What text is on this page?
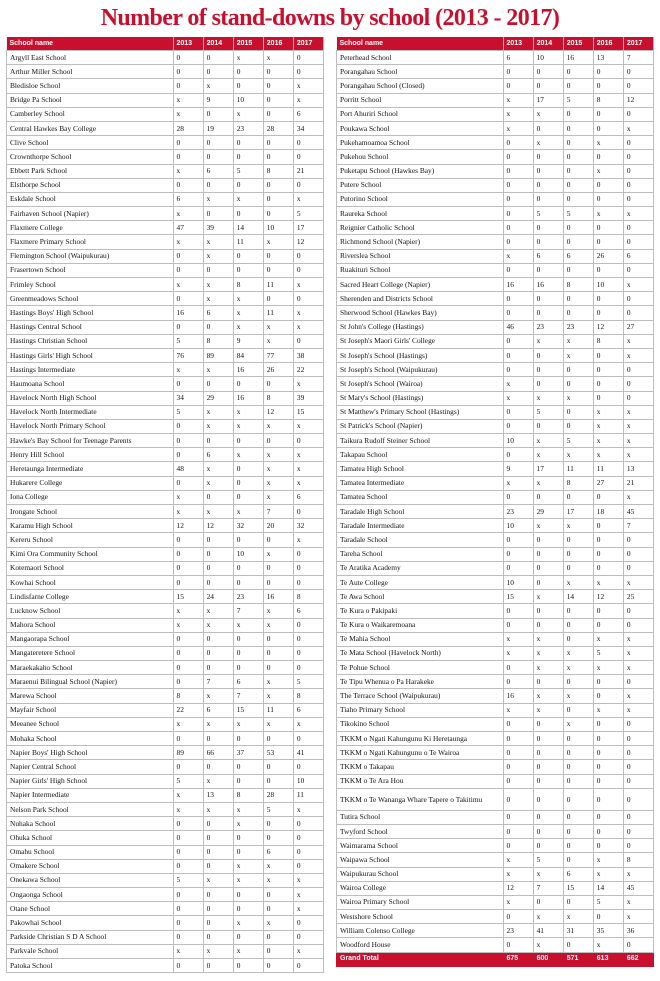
Number of stand-downs by school (2013 - 2017)
School name	2013	2014	2015	2016	2017
Argyll East School	0	0	x	x	0
Arthur Miller School	0	0	0	0	0
Bledisloe School	0	x	0	0	x
Bridge Pa School	x	9	10	0	x
Camberley School	x	0	x	0	6
Central Hawkes Bay College	28	19	23	28	34
Clive School	0	0	0	0	0
Crownthorpe School	0	0	0	0	0
Ebbett Park School	x	6	5	8	21
Elsthorpe School	0	0	0	0	0
Eskdale School	6	x	x	0	x
Fairhaven School (Napier)	x	0	0	0	5
Flaxmere College	47	39	14	10	17
Flaxmere Primary School	x	x	11	x	12
Flemington School (Waipukurau)	0	x	0	0	0
Frasertown School	0	0	0	0	0
Frimley School	x	x	8	11	x
Greenmeadows School	0	x	x	0	0
Hastings Boys' High School	16	6	x	11	x
Hastings Central School	0	0	x	x	x
Hastings Christian School	5	8	9	x	0
Hastings Girls' High School	76	89	84	77	38
Hastings Intermediate	x	x	16	26	22
Haumoana School	0	0	0	0	x
Havelock North High School	34	29	16	8	39
Havelock North Intermediate	5	x	x	12	15
Havelock North Primary School	0	x	x	x	x
Hawke's Bay School for Teenage Parents	0	0	0	0	0
Henry Hill School	0	6	x	x	x
Heretaunga Intermediate	48	x	0	x	x
Hukarere College	0	x	0	x	x
Iona College	x	0	0	x	6
Irongate School	x	x	x	7	0
Karamu High School	12	12	32	20	32
Kereru School	0	0	0	0	x
Kimi Ora Community School	0	0	10	x	0
Kotemaori School	0	0	0	0	0
Kowhai School	0	0	0	0	0
Lindisfarne College	15	24	23	16	8
Lucknow School	x	x	7	x	6
Mahora School	x	x	x	x	0
Mangaorapa School	0	0	0	0	0
Mangateretere School	0	0	0	0	0
Maraekakaho School	0	0	0	0	0
Maraenui Bilingual School (Napier)	0	7	6	x	5
Marewa School	8	x	7	x	8
Mayfair School	22	6	15	11	6
Meeanee School	x	x	x	x	x
Mohaka School	0	0	0	0	0
Napier Boys' High School	89	66	37	53	41
Napier Central School	0	0	0	0	0
Napier Girls' High School	5	x	0	0	10
Napier Intermediate	x	13	8	28	11
Nelson Park School	x	x	x	5	x
Nuhaka School	0	0	x	0	0
Ohuka School	0	0	0	0	0
Omahu School	0	0	0	6	0
Omakere School	0	0	x	x	0
Onekawa School	5	x	x	x	x
Ongaonga School	0	0	0	0	x
Otane School	0	0	0	0	x
Pakowhai School	0	0	x	x	0
Parkside Christian S D A School	0	0	0	0	0
Parkvale School	x	x	x	0	x
Patoka School	0	0	0	0	0
School name	2013	2014	2015	2016	2017
Peterhead School	6	10	16	13	7
Porangahau School	0	0	0	0	0
Porangahau School (Closed)	0	0	0	0	0
Porritt School	x	17	5	8	12
Port Ahuriri School	x	x	0	0	0
Poukawa School	x	0	0	0	x
Pukehamoamoa School	0	x	0	x	0
Pukehou School	0	0	0	0	0
Puketapu School (Hawkes Bay)	0	0	0	x	0
Putere School	0	0	0	0	0
Putorino School	0	0	0	0	0
Raureka School	0	5	5	x	x
Reignier Catholic School	0	0	0	0	0
Richmond School (Napier)	0	0	0	0	0
Riverslea School	x	6	6	26	6
Ruakituri School	0	0	0	0	0
Sacred Heart College (Napier)	16	16	8	10	x
Sherenden and Districts School	0	0	0	0	0
Sherwood School (Hawkes Bay)	0	0	0	0	0
St John's College (Hastings)	46	23	23	12	27
St Joseph's Maori Girls' College	0	x	x	8	x
St Joseph's School (Hastings)	0	0	x	0	x
St Joseph's School (Waipukurau)	0	0	0	0	0
St Joseph's School (Wairoa)	x	0	0	0	0
St Mary's School (Hastings)	x	x	x	0	0
St Matthew's Primary School (Hastings)	0	5	0	x	x
St Patrick's School (Napier)	0	0	0	x	x
Taikura Rudolf Steiner School	10	x	5	x	x
Takapau School	0	x	x	x	x
Tamatea High School	9	17	11	11	13
Tamatea Intermediate	x	x	8	27	21
Tamatea School	0	0	0	0	x
Taradale High School	23	29	17	18	45
Taradale Intermediate	10	x	x	0	7
Taradale School	0	0	0	0	0
Tareha School	0	0	0	0	0
Te Aratika Academy	0	0	0	0	0
Te Aute College	10	0	x	x	x
Te Awa School	15	x	14	12	25
Te Kura o Pakipaki	0	0	0	0	0
Te Kura o Waikaremoana	0	0	0	0	0
Te Mahia School	x	x	0	x	x
Te Mata School (Havelock North)	x	x	x	5	x
Te Pohue School	0	x	x	x	x
Te Tipu Whenua o Pa Harakeke	0	0	0	0	0
The Terrace School (Waipukurau)	16	x	x	0	x
Tiaho Primary School	x	x	0	x	x
Tikokino School	0	0	x	0	0
TKKM o Ngati Kahungunu Ki Heretaunga	0	0	0	0	0
TKKM o Ngati Kahungunu o Te Wairoa	0	0	0	0	0
TKKM o Takapau	0	0	0	0	0
TKKM o Te Ara Hou	0	0	0	0	0
TKKM o Te Wananga Whare Tapere o Takitimu	0	0	0	0	0
Tutira School	0	0	0	0	0
Twyford School	0	0	0	0	0
Waimarama School	0	0	0	0	0
Waipawa School	x	5	0	x	8
Waipukurau School	x	x	6	x	x
Wairoa College	12	7	15	14	45
Wairoa Primary School	x	0	0	5	x
Westshore School	0	x	x	0	x
William Colenso College	23	41	31	35	36
Woodford House	0	x	0	x	0
Grand Total	675	600	571	613	662
